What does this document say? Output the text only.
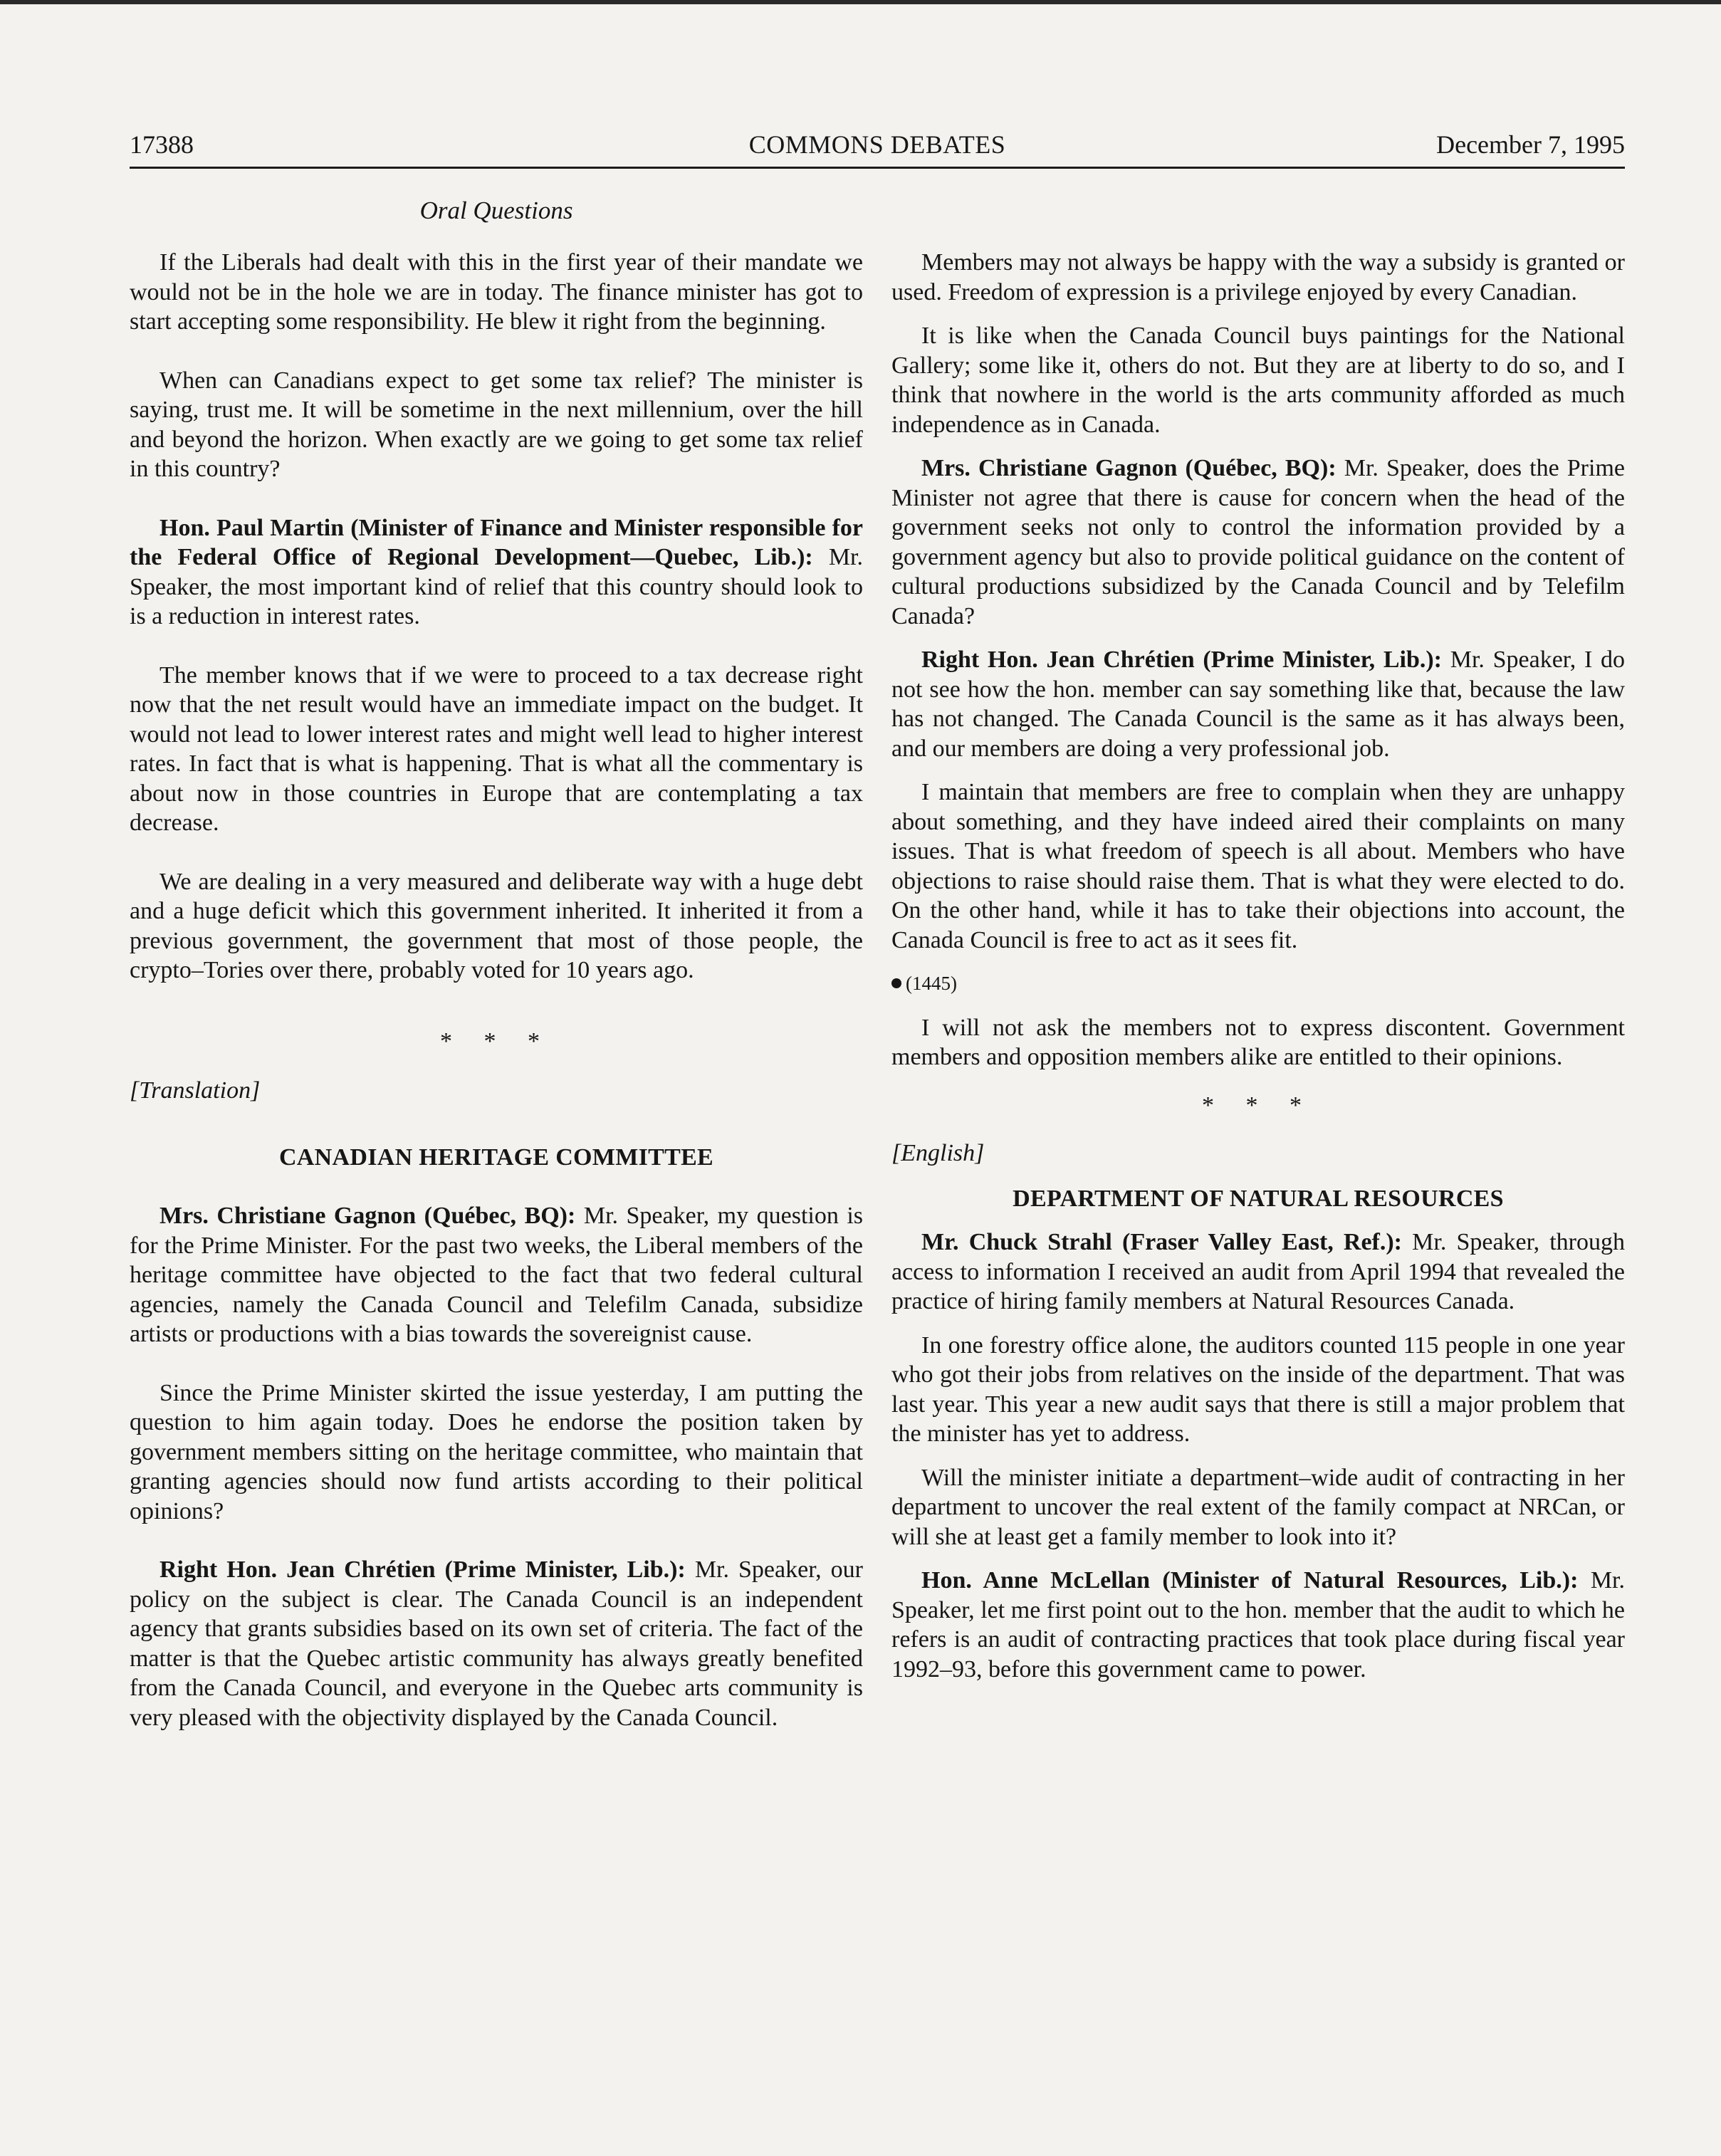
17388	COMMONS DEBATES	December 7, 1995
Oral Questions

If the Liberals had dealt with this in the first year of their mandate we would not be in the hole we are in today. The finance minister has got to start accepting some responsibility. He blew it right from the beginning.

When can Canadians expect to get some tax relief? The minister is saying, trust me. It will be sometime in the next millennium, over the hill and beyond the horizon. When exactly are we going to get some tax relief in this country?

Hon. Paul Martin (Minister of Finance and Minister responsible for the Federal Office of Regional Development—Quebec, Lib.): Mr. Speaker, the most important kind of relief that this country should look to is a reduction in interest rates.

The member knows that if we were to proceed to a tax decrease right now that the net result would have an immediate impact on the budget. It would not lead to lower interest rates and might well lead to higher interest rates. In fact that is what is happening. That is what all the commentary is about now in those countries in Europe that are contemplating a tax decrease.

We are dealing in a very measured and deliberate way with a huge debt and a huge deficit which this government inherited. It inherited it from a previous government, the government that most of those people, the crypto–Tories over there, probably voted for 10 years ago.

* * *

[Translation]

CANADIAN HERITAGE COMMITTEE

Mrs. Christiane Gagnon (Québec, BQ): Mr. Speaker, my question is for the Prime Minister. For the past two weeks, the Liberal members of the heritage committee have objected to the fact that two federal cultural agencies, namely the Canada Council and Telefilm Canada, subsidize artists or productions with a bias towards the sovereignist cause.

Since the Prime Minister skirted the issue yesterday, I am putting the question to him again today. Does he endorse the position taken by government members sitting on the heritage committee, who maintain that granting agencies should now fund artists according to their political opinions?

Right Hon. Jean Chrétien (Prime Minister, Lib.): Mr. Speaker, our policy on the subject is clear. The Canada Council is an independent agency that grants subsidies based on its own set of criteria. The fact of the matter is that the Quebec artistic community has always greatly benefited from the Canada Council, and everyone in the Quebec arts community is very pleased with the objectivity displayed by the Canada Council.

Members may not always be happy with the way a subsidy is granted or used. Freedom of expression is a privilege enjoyed by every Canadian.

It is like when the Canada Council buys paintings for the National Gallery; some like it, others do not. But they are at liberty to do so, and I think that nowhere in the world is the arts community afforded as much independence as in Canada.

Mrs. Christiane Gagnon (Québec, BQ): Mr. Speaker, does the Prime Minister not agree that there is cause for concern when the head of the government seeks not only to control the information provided by a government agency but also to provide political guidance on the content of cultural productions subsidized by the Canada Council and by Telefilm Canada?

Right Hon. Jean Chrétien (Prime Minister, Lib.): Mr. Speaker, I do not see how the hon. member can say something like that, because the law has not changed. The Canada Council is the same as it has always been, and our members are doing a very professional job.

I maintain that members are free to complain when they are unhappy about something, and they have indeed aired their complaints on many issues. That is what freedom of speech is all about. Members who have objections to raise should raise them. That is what they were elected to do. On the other hand, while it has to take their objections into account, the Canada Council is free to act as it sees fit.

(1445)

I will not ask the members not to express discontent. Government members and opposition members alike are entitled to their opinions.

* * *

[English]

DEPARTMENT OF NATURAL RESOURCES

Mr. Chuck Strahl (Fraser Valley East, Ref.): Mr. Speaker, through access to information I received an audit from April 1994 that revealed the practice of hiring family members at Natural Resources Canada.

In one forestry office alone, the auditors counted 115 people in one year who got their jobs from relatives on the inside of the department. That was last year. This year a new audit says that there is still a major problem that the minister has yet to address.

Will the minister initiate a department–wide audit of contracting in her department to uncover the real extent of the family compact at NRCan, or will she at least get a family member to look into it?

Hon. Anne McLellan (Minister of Natural Resources, Lib.): Mr. Speaker, let me first point out to the hon. member that the audit to which he refers is an audit of contracting practices that took place during fiscal year 1992–93, before this government came to power.
